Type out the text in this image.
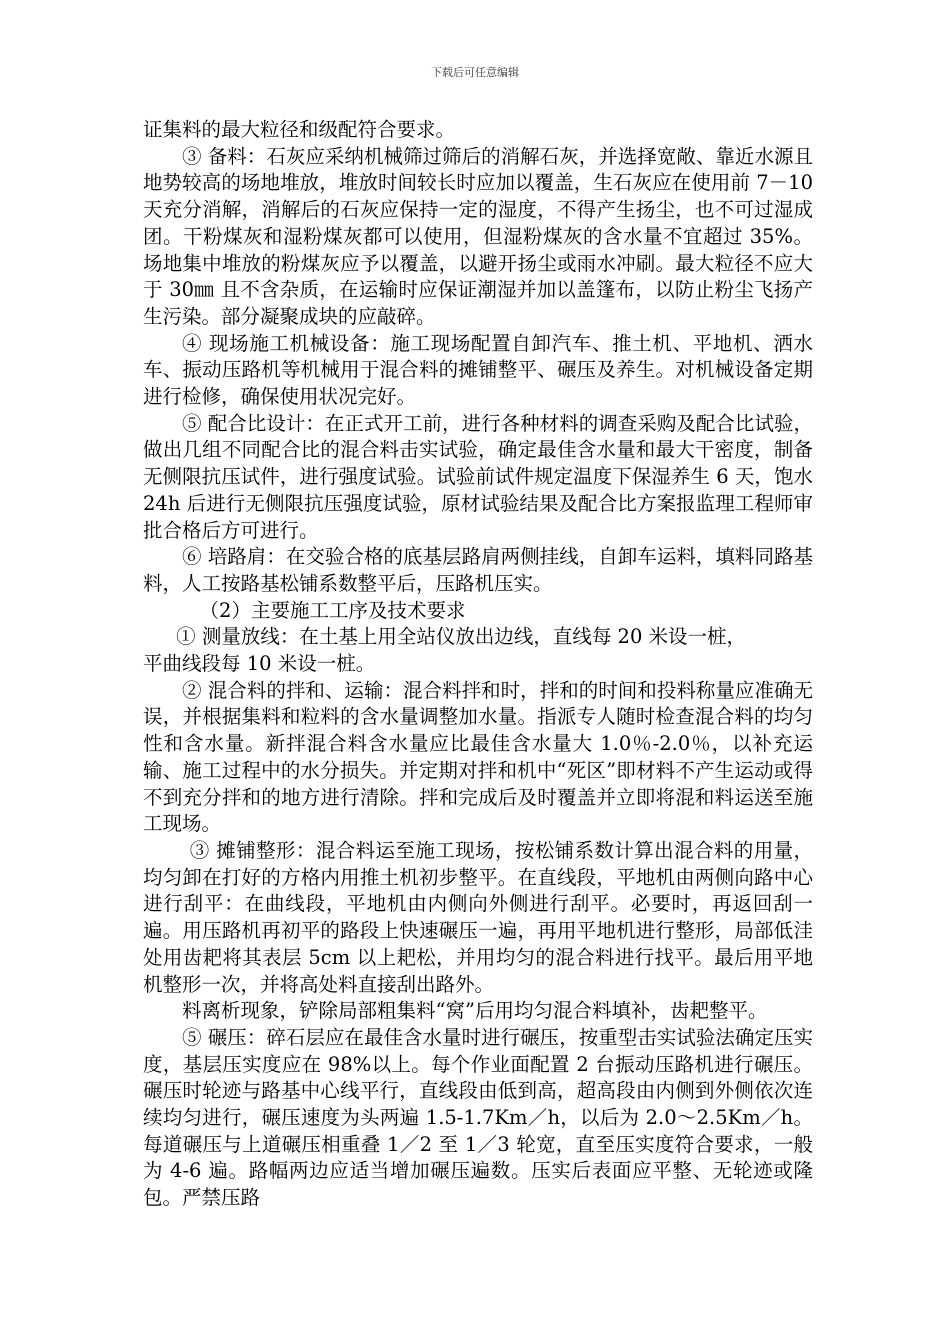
下载后可任意编辑

证集料的最大粒径和级配符合要求。

③ 备料：石灰应采纳机械筛过筛后的消解石灰，并选择宽敞、靠近水源且地势较高的场地堆放，堆放时间较长时应加以覆盖，生石灰应在使用前 7－10 天充分消解，消解后的石灰应保持一定的湿度，不得产生扬尘，也不可过湿成团。干粉煤灰和湿粉煤灰都可以使用，但湿粉煤灰的含水量不宜超过 35%。场地集中堆放的粉煤灰应予以覆盖，以避开扬尘或雨水冲刷。最大粒径不应大于 30㎜ 且不含杂质，在运输时应保证潮湿并加以盖篷布，以防止粉尘飞扬产生污染。部分凝聚成块的应敲碎。

④ 现场施工机械设备：施工现场配置自卸汽车、推土机、平地机、洒水车、振动压路机等机械用于混合料的摊铺整平、碾压及养生。对机械设备定期进行检修，确保使用状况完好。

⑤ 配合比设计：在正式开工前，进行各种材料的调查采购及配合比试验，做出几组不同配合比的混合料击实试验，确定最佳含水量和最大干密度，制备无侧限抗压试件，进行强度试验。试验前试件规定温度下保湿养生 6 天，饱水 24h 后进行无侧限抗压强度试验，原材试验结果及配合比方案报监理工程师审批合格后方可进行。

⑥ 培路肩：在交验合格的底基层路肩两侧挂线，自卸车运料，填料同路基料，人工按路基松铺系数整平后，压路机压实。

（2）主要施工工序及技术要求

① 测量放线：在土基上用全站仪放出边线，直线每 20 米设一桩，

平曲线段每 10 米设一桩。

② 混合料的拌和、运输：混合料拌和时，拌和的时间和投料称量应准确无误，并根据集料和粒料的含水量调整加水量。指派专人随时检查混合料的均匀性和含水量。新拌混合料含水量应比最佳含水量大 1.0％-2.0％，以补充运输、施工过程中的水分损失。并定期对拌和机中“死区”即材料不产生运动或得不到充分拌和的地方进行清除。拌和完成后及时覆盖并立即将混和料运送至施工现场。

③ 摊铺整形：混合料运至施工现场，按松铺系数计算出混合料的用量，均匀卸在打好的方格内用推土机初步整平。在直线段，平地机由两侧向路中心进行刮平：在曲线段，平地机由内侧向外侧进行刮平。必要时，再返回刮一遍。用压路机再初平的路段上快速碾压一遍，再用平地机进行整形，局部低洼处用齿耙将其表层 5cm 以上耙松，并用均匀的混合料进行找平。最后用平地机整形一次，并将高处料直接刮出路外。

料离析现象，铲除局部粗集料“窝”后用均匀混合料填补，齿耙整平。

⑤ 碾压：碎石层应在最佳含水量时进行碾压，按重型击实试验法确定压实度，基层压实度应在 98%以上。每个作业面配置 2 台振动压路机进行碾压。碾压时轮迹与路基中心线平行，直线段由低到高，超高段由内侧到外侧依次连续均匀进行，碾压速度为头两遍 1.5-1.7Km／h，以后为 2.0～2.5Km／h。每道碾压与上道碾压相重叠 1／2 至 1／3 轮宽，直至压实度符合要求，一般为 4-6 遍。路幅两边应适当增加碾压遍数。压实后表面应平整、无轮迹或隆包。严禁压路
